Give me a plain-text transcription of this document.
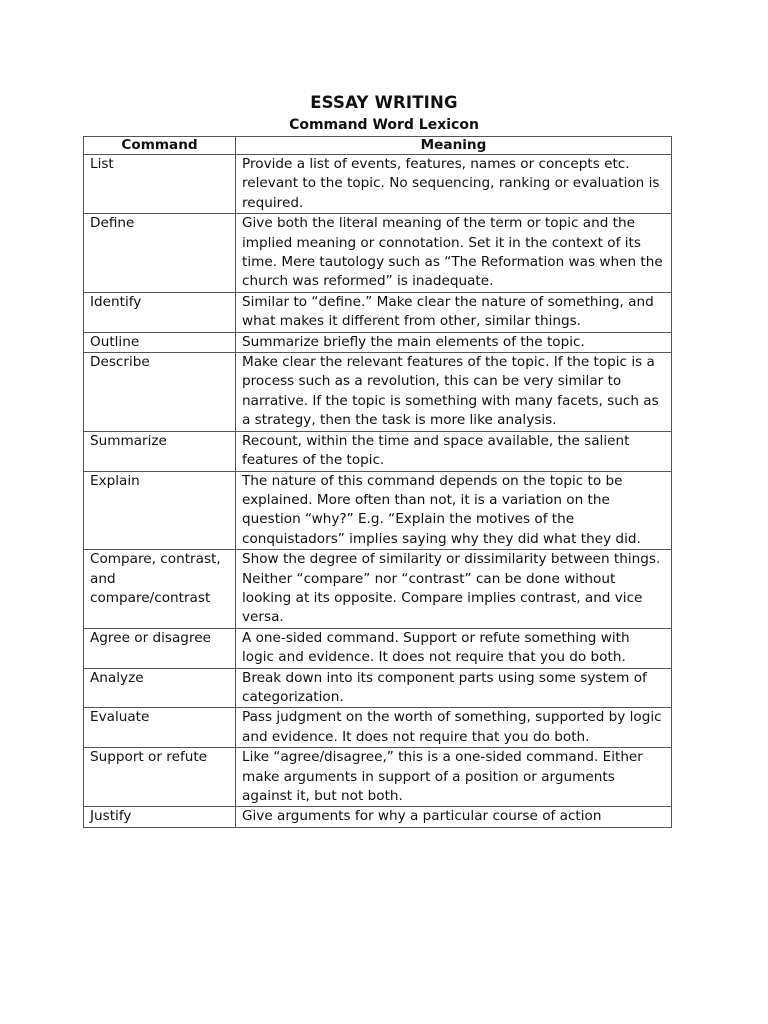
ESSAY WRITING
Command Word Lexicon
Command	Meaning
List	Provide a list of events, features, names or concepts etc. relevant to the topic. No sequencing, ranking or evaluation is required.
Define	Give both the literal meaning of the term or topic and the implied meaning or connotation. Set it in the context of its time. Mere tautology such as “The Reformation was when the church was reformed” is inadequate.
Identify	Similar to “define.” Make clear the nature of something, and what makes it different from other, similar things.
Outline	Summarize briefly the main elements of the topic.
Describe	Make clear the relevant features of the topic. If the topic is a process such as a revolution, this can be very similar to narrative. If the topic is something with many facets, such as a strategy, then the task is more like analysis.
Summarize	Recount, within the time and space available, the salient features of the topic.
Explain	The nature of this command depends on the topic to be explained. More often than not, it is a variation on the question “why?” E.g. “Explain the motives of the conquistadors” implies saying why they did what they did.
Compare, contrast, and compare/contrast	Show the degree of similarity or dissimilarity between things. Neither “compare” nor “contrast” can be done without looking at its opposite. Compare implies contrast, and vice versa.
Agree or disagree	A one-sided command. Support or refute something with logic and evidence. It does not require that you do both.
Analyze	Break down into its component parts using some system of categorization.
Evaluate	Pass judgment on the worth of something, supported by logic and evidence. It does not require that you do both.
Support or refute	Like “agree/disagree,” this is a one-sided command. Either make arguments in support of a position or arguments against it, but not both.
Justify	Give arguments for why a particular course of action
